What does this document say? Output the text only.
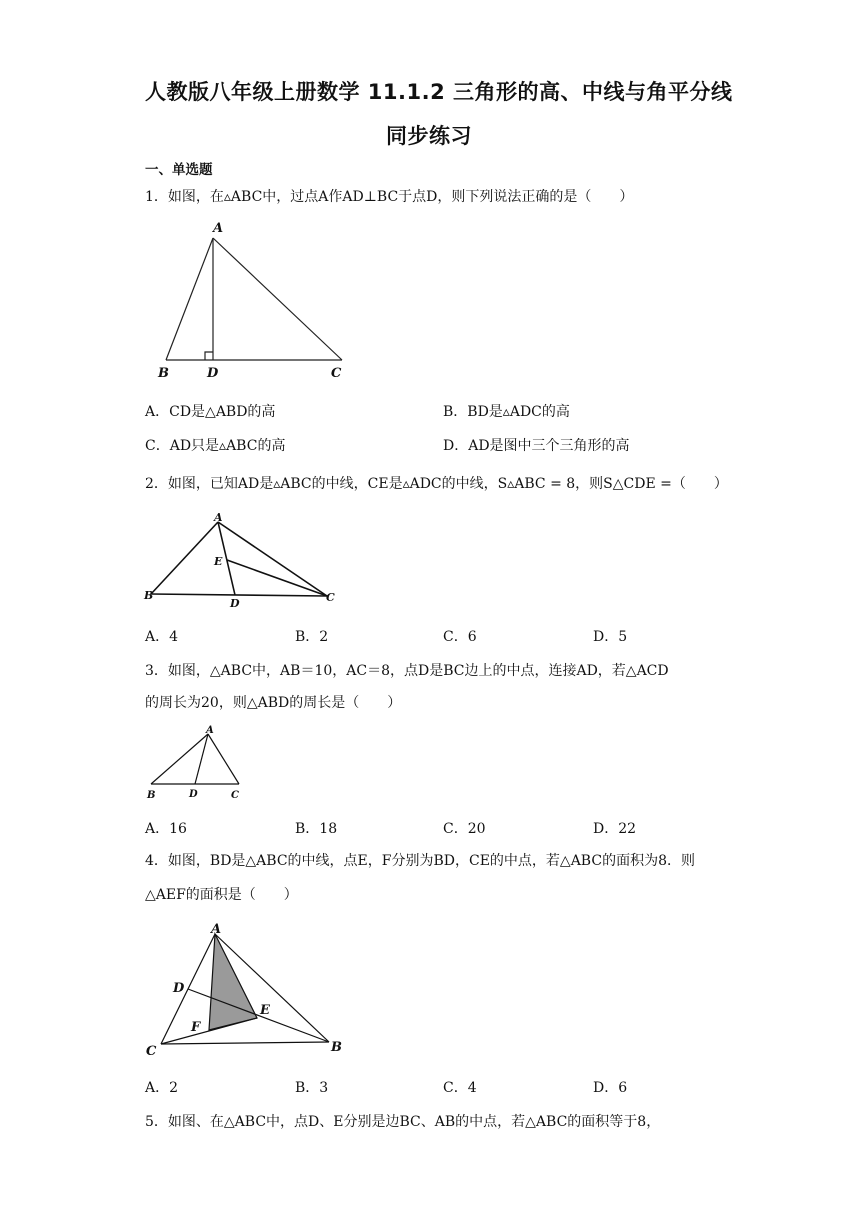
人教版八年级上册数学 11.1.2 三角形的高、中线与角平分线
同步练习
一、单选题
1．如图，在▵ABC中，过点A作AD⊥BC于点D，则下列说法正确的是（　　）
A
B	D	C
A．CD是△ABD的高	B．BD是▵ADC的高
C．AD只是▵ABC的高	D．AD是图中三个三角形的高
2．如图，已知AD是▵ABC的中线，CE是▵ADC的中线，S▵ABC = 8，则S△CDE =（　　）
A
E
B
D	C
A．4	B．2	C．6	D．5
3．如图，△ABC中，AB＝10，AC＝8，点D是BC边上的中点，连接AD，若△ACD
的周长为20，则△ABD的周长是（　　）
A
B	D	C
A．16	B．18	C．20	D．22
4．如图，BD是△ABC的中线，点E，F分别为BD，CE的中点，若△ABC的面积为8．则
△AEF的面积是（　　）
A
D
E
F
C	B
A．2	B．3	C．4	D．6
5．如图、在△ABC中，点D、E分别是边BC、AB的中点，若△ABC的面积等于8，
